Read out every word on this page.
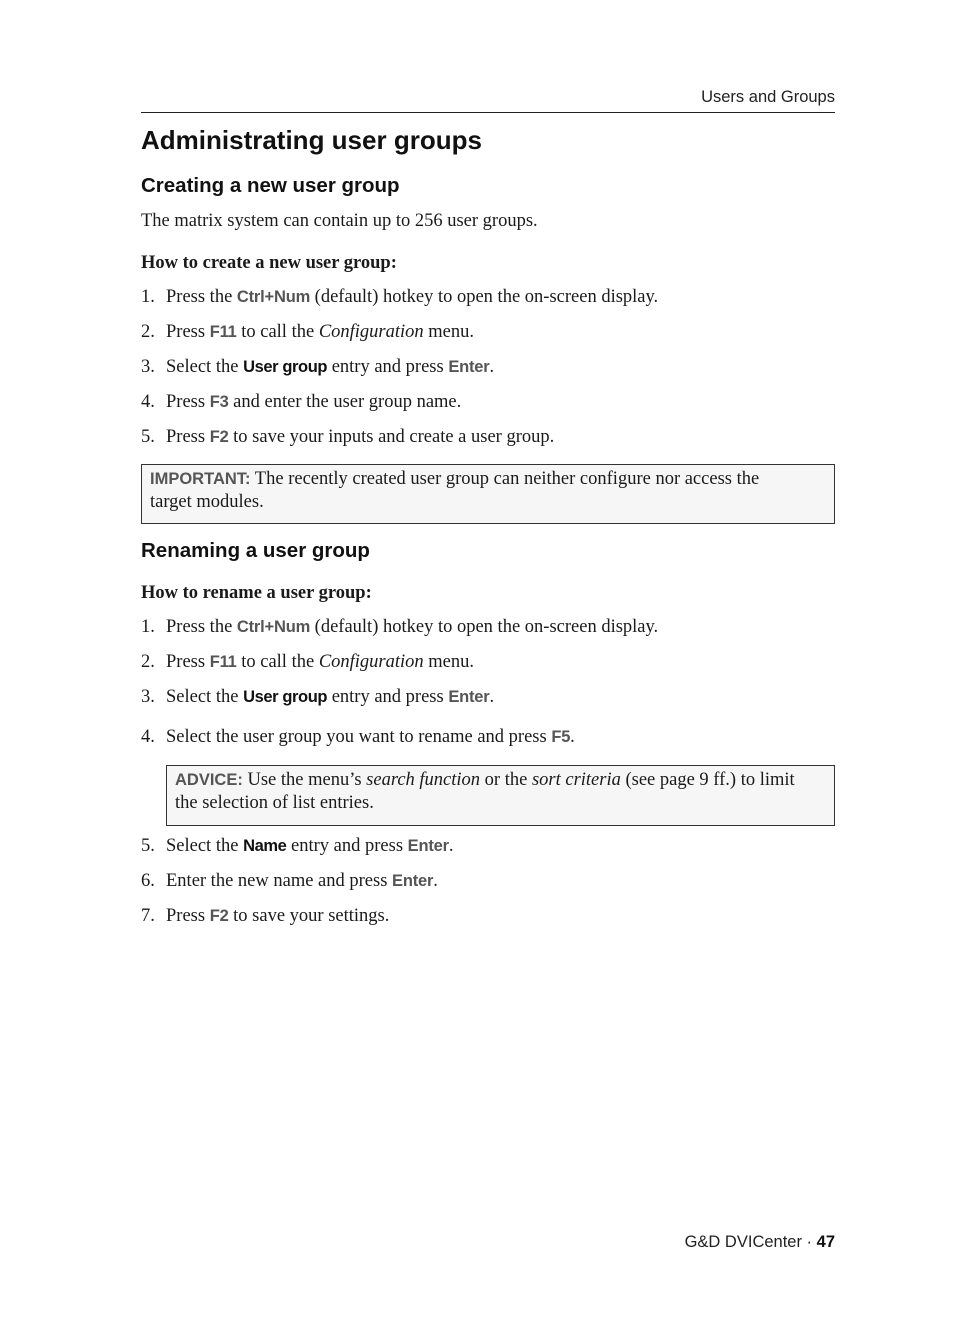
Users and Groups
Administrating user groups
Creating a new user group
The matrix system can contain up to 256 user groups.
How to create a new user group:
1. Press the Ctrl+Num (default) hotkey to open the on-screen display.
2. Press F11 to call the Configuration menu.
3. Select the User group entry and press Enter.
4. Press F3 and enter the user group name.
5. Press F2 to save your inputs and create a user group.
IMPORTANT: The recently created user group can neither configure nor access the
target modules.
Renaming a user group
How to rename a user group:
1. Press the Ctrl+Num (default) hotkey to open the on-screen display.
2. Press F11 to call the Configuration menu.
3. Select the User group entry and press Enter.
4. Select the user group you want to rename and press F5.
ADVICE: Use the menu’s search function or the sort criteria (see page 9 ff.) to limit
the selection of list entries.
5. Select the Name entry and press Enter.
6. Enter the new name and press Enter.
7. Press F2 to save your settings.
G&D DVICenter · 47
